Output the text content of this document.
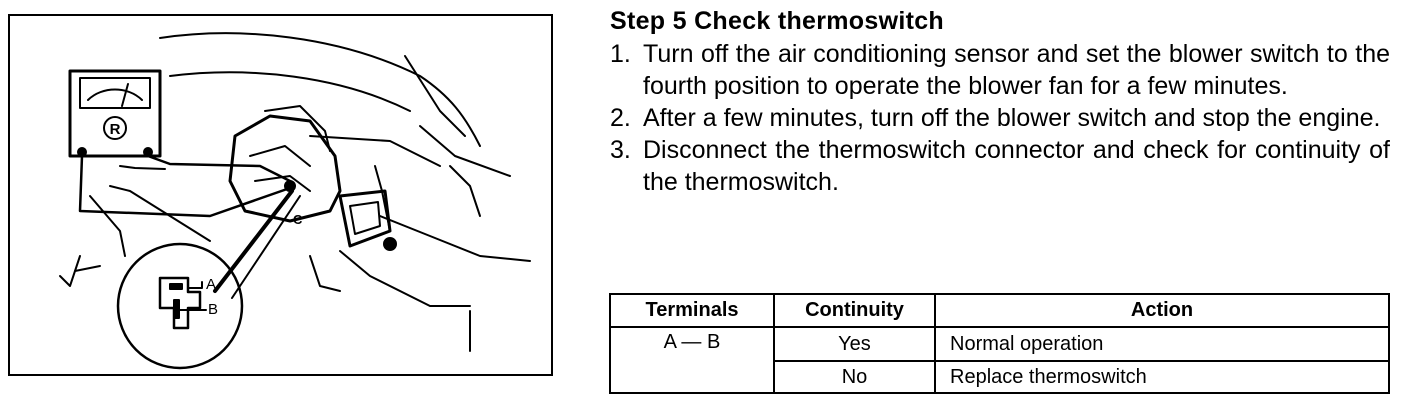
R
C
A
B
Step 5 Check thermoswitch
1. Turn off the air conditioning sensor and set the blower switch to the fourth position to operate the blower fan for a few minutes.
2. After a few minutes, turn off the blower switch and stop the engine.
3. Disconnect the thermoswitch connector and check for continuity of the thermoswitch.
Terminals	Continuity	Action
A — B	Yes	Normal operation
	No	Replace thermoswitch
